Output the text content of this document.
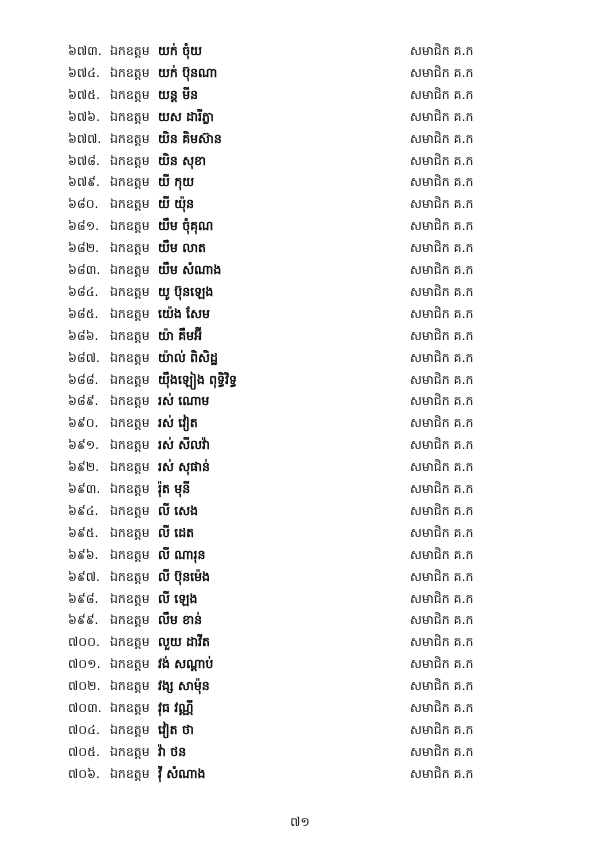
៦៧៣. ឯកឧត្តម យក់ ចុំយ	សមាជិក គ.ក
៦៧៤. ឯកឧត្តម យក់ ប៊ុនណា	សមាជិក គ.ក
៦៧៥. ឯកឧត្តម យន្ត មីន	សមាជិក គ.ក
៦៧៦. ឯកឧត្តម យស ដារីភ្លា	សមាជិក គ.ក
៦៧៧. ឯកឧត្តម យិន គិមស៊ាន	សមាជិក គ.ក
៦៧៨. ឯកឧត្តម យិន សុខា	សមាជិក គ.ក
៦៧៩. ឯកឧត្តម យី កុយ	សមាជិក គ.ក
៦៨០. ឯកឧត្តម យី យ៉ុន	សមាជិក គ.ក
៦៨១. ឯកឧត្តម យឹម ចុំគុណ	សមាជិក គ.ក
៦៨២. ឯកឧត្តម យឹម លាត	សមាជិក គ.ក
៦៨៣. ឯកឧត្តម យឹម សំណាង	សមាជិក គ.ក
៦៨៤. ឯកឧត្តម យូ ប៊ុនឡេង	សមាជិក គ.ក
៦៨៥. ឯកឧត្តម យ៉េង សែម	សមាជិក គ.ក
៦៨៦. ឯកឧត្តម យ៉ា គឹមអ៊ី	សមាជិក គ.ក
៦៨៧. ឯកឧត្តម យ៉ាល់ ពិសិដ្ឋ	សមាជិក គ.ក
៦៨៨. ឯកឧត្តម យ៉ឹងឡៀង ពុទ្ធិវិទ្ធ	សមាជិក គ.ក
៦៨៩. ឯកឧត្តម រស់ ណោម	សមាជិក គ.ក
៦៩០. ឯកឧត្តម រស់ វៀត	សមាជិក គ.ក
៦៩១. ឯកឧត្តម រស់ សីលវ៉ា	សមាជិក គ.ក
៦៩២. ឯកឧត្តម រស់ សុផាន់	សមាជិក គ.ក
៦៩៣. ឯកឧត្តម រ៉ុត មុនី	សមាជិក គ.ក
៦៩៤. ឯកឧត្តម លី សេង	សមាជិក គ.ក
៦៩៥. ឯកឧត្តម លី ដេត	សមាជិក គ.ក
៦៩៦. ឯកឧត្តម លី ណារុន	សមាជិក គ.ក
៦៩៧. ឯកឧត្តម លី ប៊ុនម៉េង	សមាជិក គ.ក
៦៩៨. ឯកឧត្តម លី ឡេង	សមាជិក គ.ក
៦៩៩. ឯកឧត្តម លឹម ខាន់	សមាជិក គ.ក
៧០០. ឯកឧត្តម លួយ ដាវីត	សមាជិក គ.ក
៧០១. ឯកឧត្តម វង់ សណ្ដាប់	សមាជិក គ.ក
៧០២. ឯកឧត្តម វង្ស សាម៉ុន	សមាជិក គ.ក
៧០៣. ឯកឧត្តម វុធ វណ្ណី	សមាជិក គ.ក
៧០៤. ឯកឧត្តម វៀត ថា	សមាជិក គ.ក
៧០៥. ឯកឧត្តម វ៉ា ថន	សមាជិក គ.ក
៧០៦. ឯកឧត្តម វ៉ី សំណាង	សមាជិក គ.ក
៧១
